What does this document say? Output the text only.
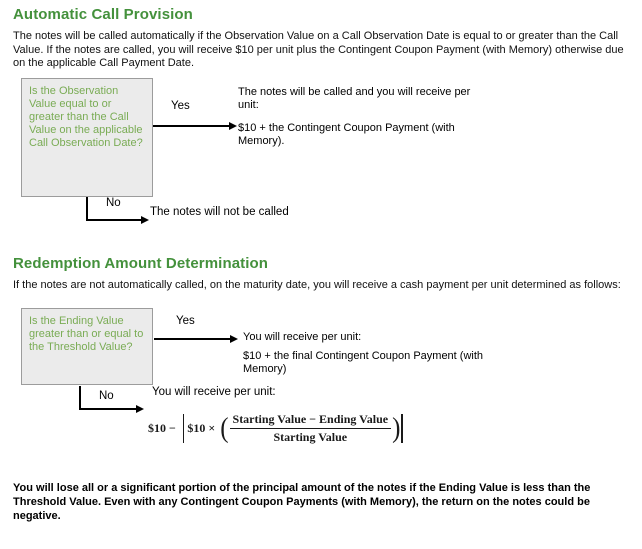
Automatic Call Provision
The notes will be called automatically if the Observation Value on a Call Observation Date is equal to or greater than the Call Value. If the notes are called, you will receive $10 per unit plus the Contingent Coupon Payment (with Memory) otherwise due on the applicable Call Payment Date.
Is the Observation Value equal to or greater than the Call Value on the applicable Call Observation Date?
Yes
The notes will be called and you will receive per unit:
$10 + the Contingent Coupon Payment (with Memory).
No
The notes will not be called
Redemption Amount Determination
If the notes are not automatically called, on the maturity date, you will receive a cash payment per unit determined as follows:
Is the Ending Value greater than or equal to the Threshold Value?
Yes
You will receive per unit:
$10 + the final Contingent Coupon Payment (with Memory)
No	You will receive per unit:
$10 − $10 × ( $\frac{\text{Starting Value − Ending Value}}{\text{Starting Value}}$ )
You will lose all or a significant portion of the principal amount of the notes if the Ending Value is less than the Threshold Value. Even with any Contingent Coupon Payments (with Memory), the return on the notes could be negative.
